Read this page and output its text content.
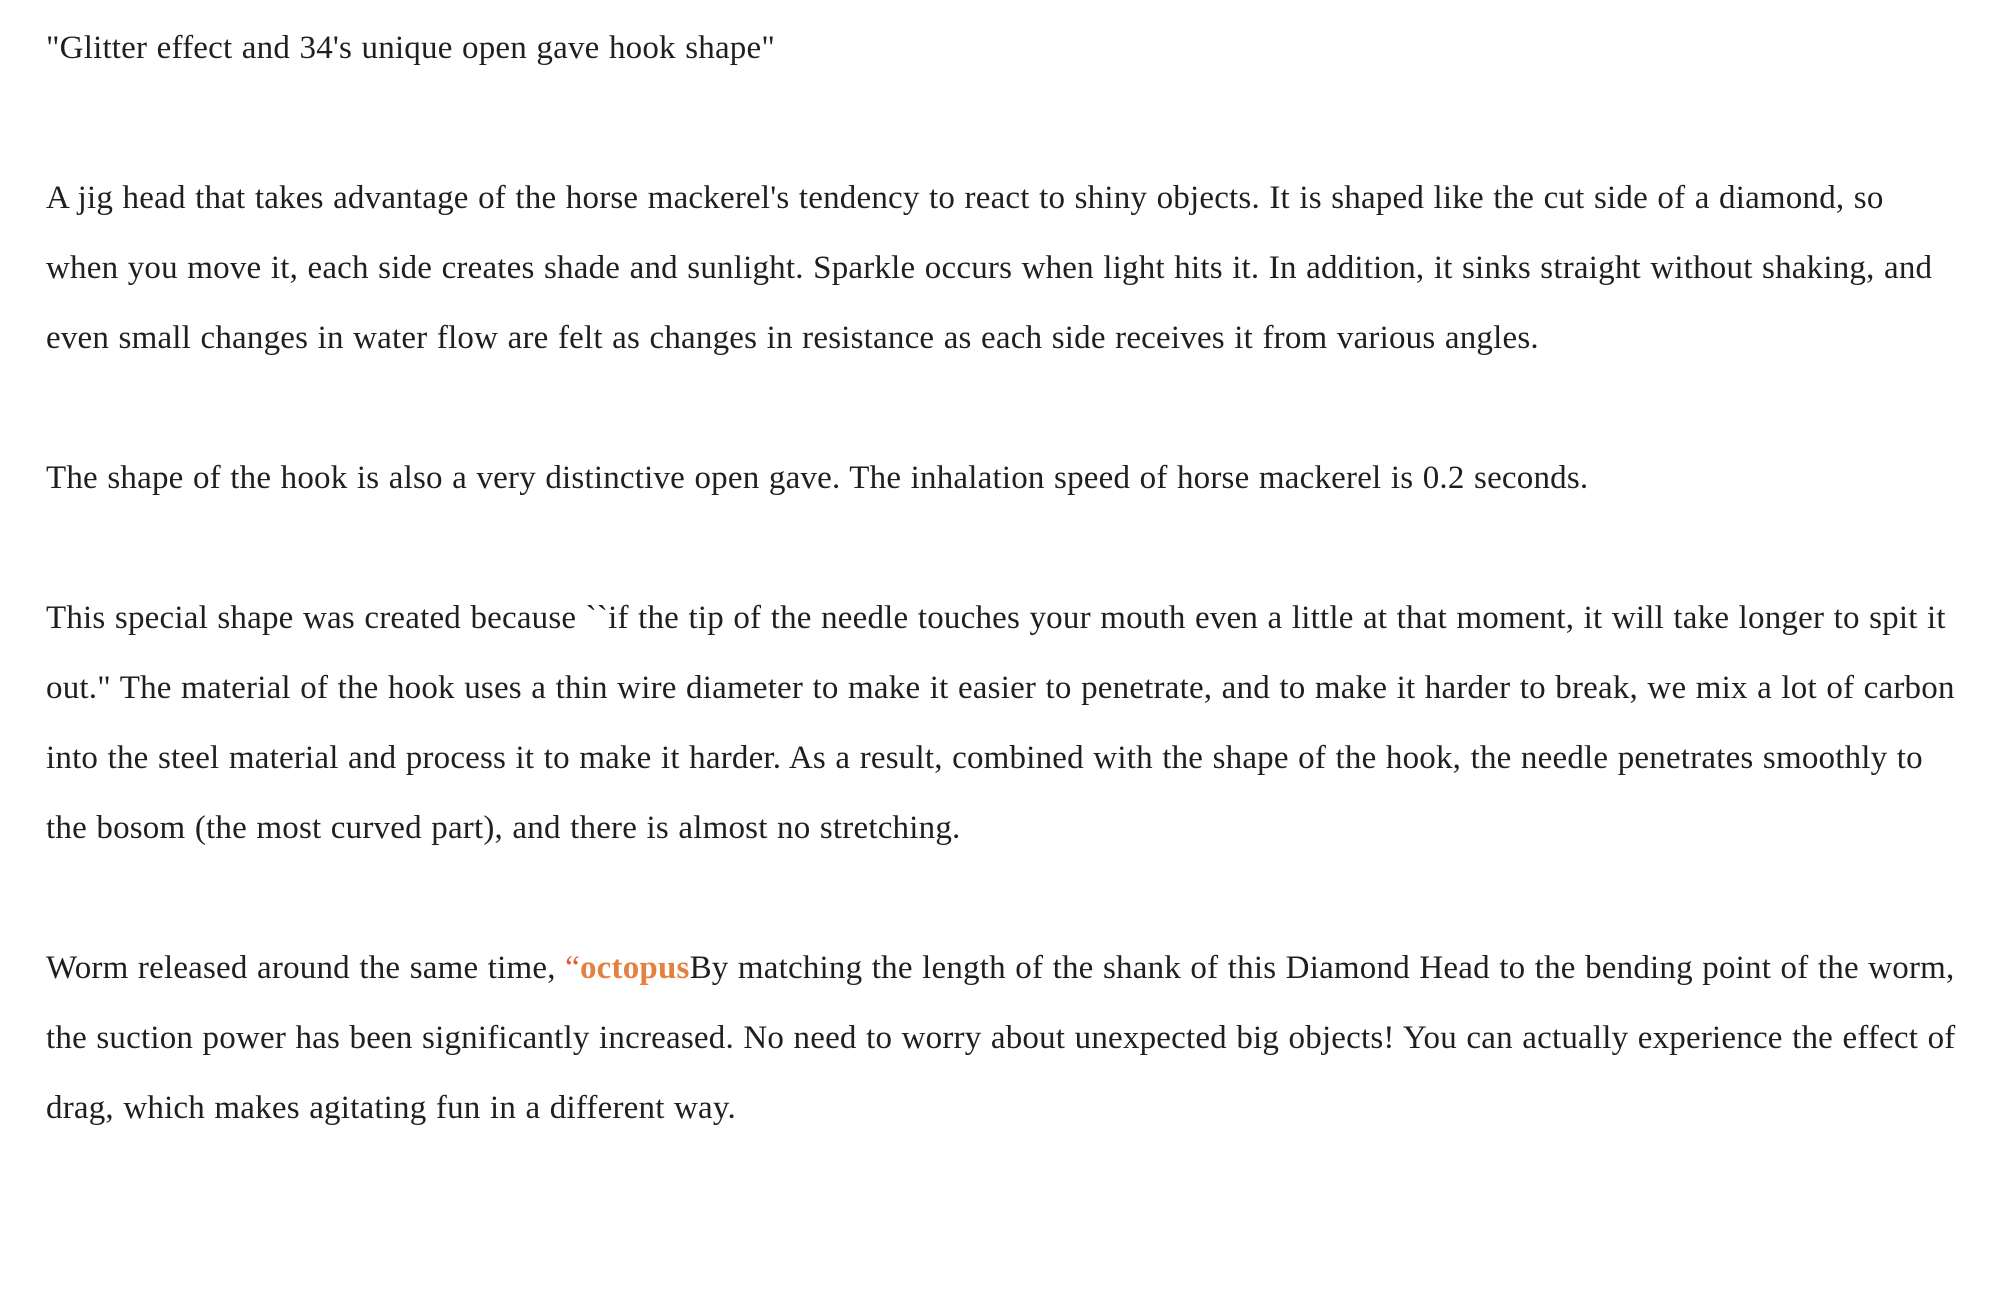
"Glitter effect and 34's unique open gave hook shape"

A jig head that takes advantage of the horse mackerel's tendency to react to shiny objects. It is shaped like the cut side of a diamond, so when you move it, each side creates shade and sunlight. Sparkle occurs when light hits it. In addition, it sinks straight without shaking, and even small changes in water flow are felt as changes in resistance as each side receives it from various angles.

The shape of the hook is also a very distinctive open gave. The inhalation speed of horse mackerel is 0.2 seconds.

This special shape was created because ``if the tip of the needle touches your mouth even a little at that moment, it will take longer to spit it out." The material of the hook uses a thin wire diameter to make it easier to penetrate, and to make it harder to break, we mix a lot of carbon into the steel material and process it to make it harder. As a result, combined with the shape of the hook, the needle penetrates smoothly to the bosom (the most curved part), and there is almost no stretching.

Worm released around the same time, “octopusBy matching the length of the shank of this Diamond Head to the bending point of the worm, the suction power has been significantly increased. No need to worry about unexpected big objects! You can actually experience the effect of drag, which makes agitating fun in a different way.
